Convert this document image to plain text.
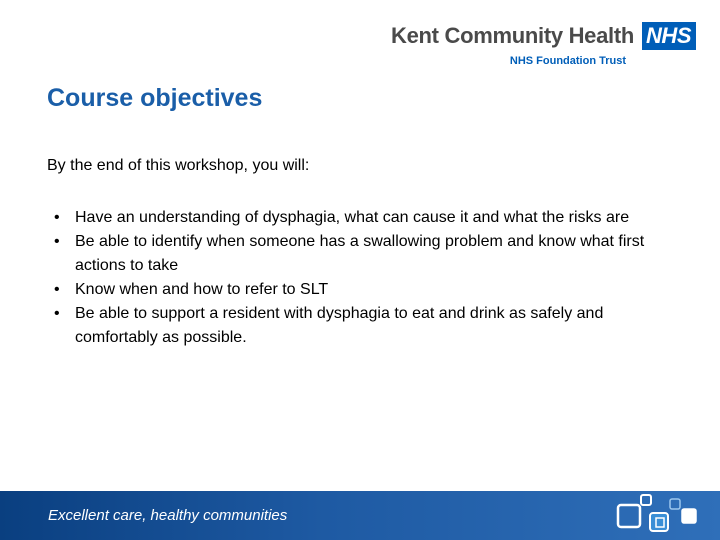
Kent Community Health NHS
NHS Foundation Trust
Course objectives

By the end of this workshop, you will:

• Have an understanding of dysphagia, what can cause it and what the risks are
• Be able to identify when someone has a swallowing problem and know what first actions to take
• Know when and how to refer to SLT
• Be able to support a resident with dysphagia to eat and drink as safely and comfortably as possible.
Excellent care, healthy communities
